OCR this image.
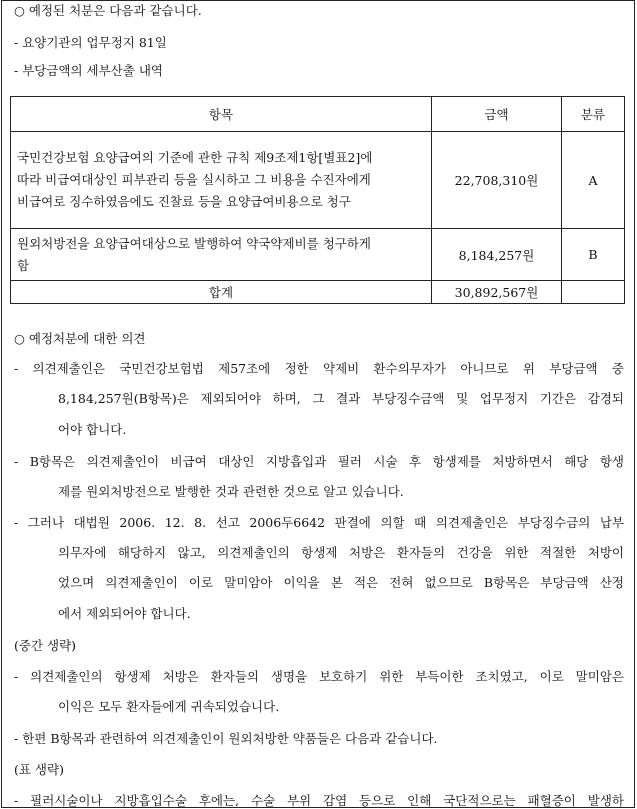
○ 예정된 처분은 다음과 같습니다.
- 요양기관의 업무정지 81일
- 부당금액의 세부산출 내역
항목	금액	분류

국민건강보험 요양급여의 기준에 관한 규칙 제9조제1항[별표2]에
따라 비급여대상인 피부관리 등을 실시하고 그 비용을 수진자에게
비급여로 징수하였음에도 진찰료 등을 요양급여비용으로 청구	22,708,310원	A

원외처방전을 요양급여대상으로 발행하여 약국약제비를 청구하게
함	8,184,257원	B
합계	30,892,567원	
○ 예정처분에 대한 의견
- 의견제출인은 국민건강보험법 제57조에 정한 약제비 환수의무자가 아니므로 위 부당금액 중
8,184,257원(B항목)은 제외되어야 하며, 그 결과 부당징수금액 및 업무정지 기간은 감경되
어야 합니다.
- B항목은 의견제출인이 비급여 대상인 지방흡입과 필러 시술 후 항생제를 처방하면서 해당 항생
제를 원외처방전으로 발행한 것과 관련한 것으로 알고 있습니다.
- 그러나 대법원 2006. 12. 8. 선고 2006두6642 판결에 의할 때 의견제출인은 부당징수금의 납부
의무자에 해당하지 않고, 의견제출인의 항생제 처방은 환자들의 건강을 위한 적절한 처방이
었으며 의견제출인이 이로 말미암아 이익을 본 적은 전혀 없으므로 B항목은 부당금액 산정
에서 제외되어야 합니다.
(중간 생략)
- 의견제출인의 항생제 처방은 환자들의 생명을 보호하기 위한 부득이한 조치였고, 이로 말미암은
이익은 모두 환자들에게 귀속되었습니다.
- 한편 B항목과 관련하여 의견제출인이 원외처방한 약품들은 다음과 같습니다.
(표 생략)
- 필러시술이나 지방흡입수술 후에는, 수술 부위 감염 등으로 인해 국단적으로는 패혈증이 발생하
